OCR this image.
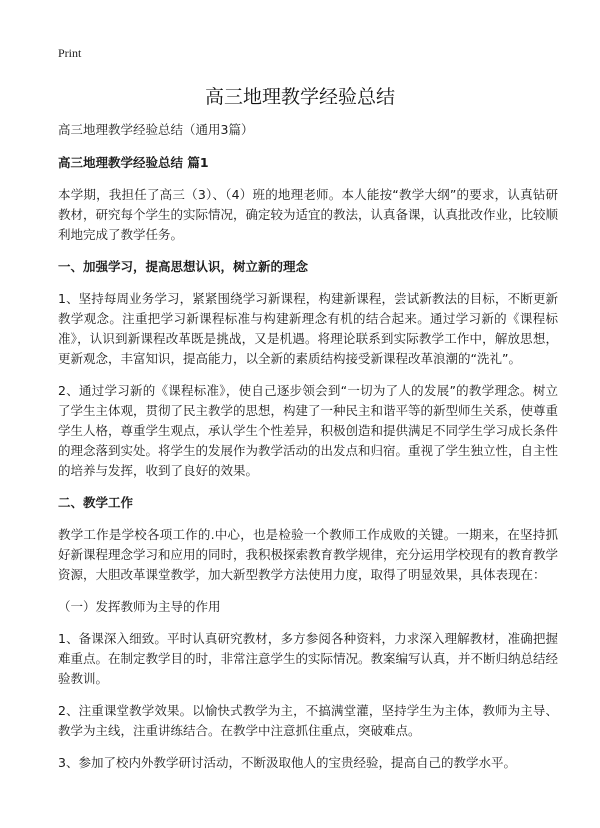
Print
高三地理教学经验总结

高三地理教学经验总结（通用3篇）

高三地理教学经验总结 篇1

本学期，我担任了高三（3）、（4）班的地理老师。本人能按“教学大纲”的要求，认真钻研教材，研究每个学生的实际情况，确定较为适宜的教法，认真备课，认真批改作业，比较顺利地完成了教学任务。

一、加强学习，提高思想认识，树立新的理念

1、坚持每周业务学习，紧紧围绕学习新课程，构建新课程，尝试新教法的目标，不断更新教学观念。注重把学习新课程标准与构建新理念有机的结合起来。通过学习新的《课程标准》，认识到新课程改革既是挑战，又是机遇。将理论联系到实际教学工作中，解放思想，更新观念，丰富知识，提高能力，以全新的素质结构接受新课程改革浪潮的“洗礼”。

2、通过学习新的《课程标准》，使自己逐步领会到“一切为了人的发展”的教学理念。树立了学生主体观，贯彻了民主教学的思想，构建了一种民主和谐平等的新型师生关系，使尊重学生人格，尊重学生观点，承认学生个性差异，积极创造和提供满足不同学生学习成长条件的理念落到实处。将学生的发展作为教学活动的出发点和归宿。重视了学生独立性，自主性的培养与发挥，收到了良好的效果。

二、教学工作

教学工作是学校各项工作的.中心，也是检验一个教师工作成败的关键。一期来，在坚持抓好新课程理念学习和应用的同时，我积极探索教育教学规律，充分运用学校现有的教育教学资源，大胆改革课堂教学，加大新型教学方法使用力度，取得了明显效果，具体表现在：

（一）发挥教师为主导的作用

1、备课深入细致。平时认真研究教材，多方参阅各种资料，力求深入理解教材，准确把握难重点。在制定教学目的时，非常注意学生的实际情况。教案编写认真，并不断归纳总结经验教训。

2、注重课堂教学效果。以愉快式教学为主，不搞满堂灌，坚持学生为主体，教师为主导、教学为主线，注重讲练结合。在教学中注意抓住重点，突破难点。

3、参加了校内外教学研讨活动，不断汲取他人的宝贵经验，提高自己的教学水平。
